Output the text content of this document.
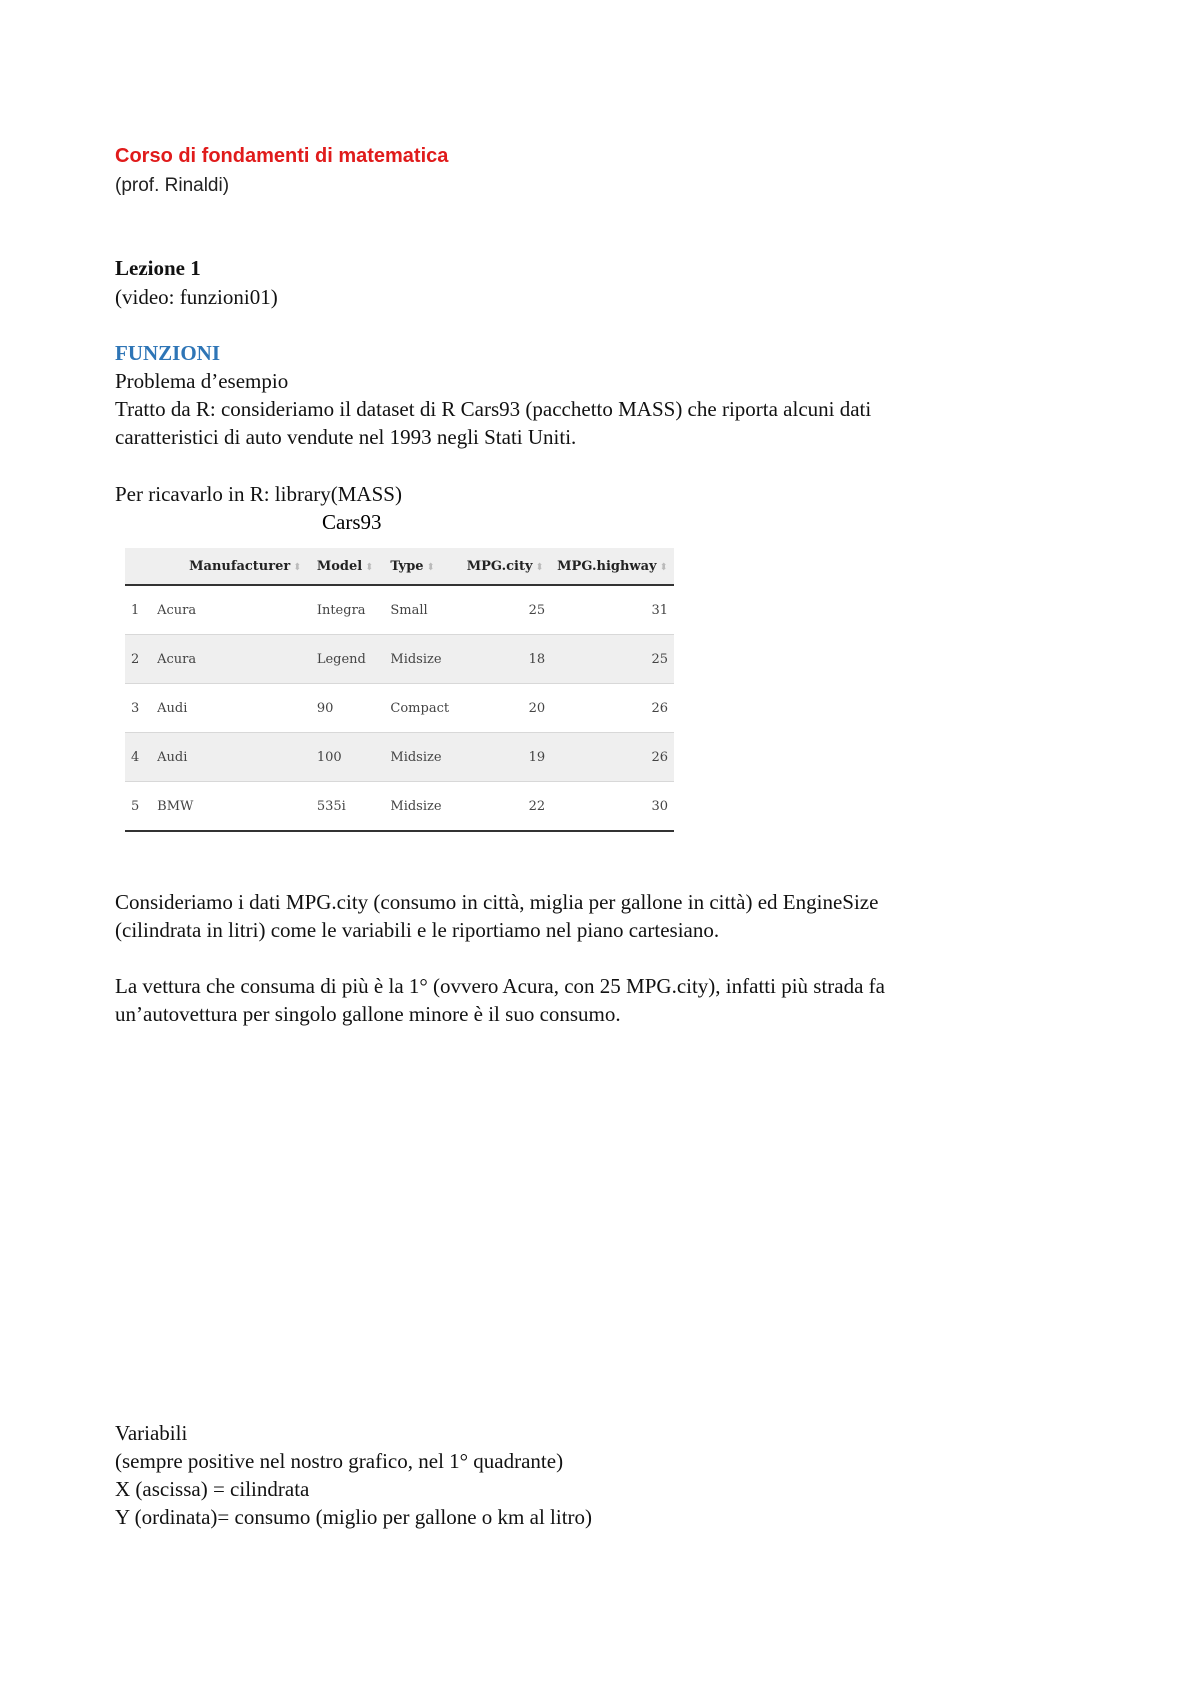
Corso di fondamenti di matematica
(prof. Rinaldi)
Lezione 1
(video: funzioni01)
FUNZIONI
Problema d’esempio
Tratto da R: consideriamo il dataset di R Cars93 (pacchetto MASS) che riporta alcuni dati
caratteristici di auto vendute nel 1993 negli Stati Uniti.
Per ricavarlo in R: library(MASS)
Cars93
	Manufacturer ⬍	Model ⬍	Type ⬍	MPG.city ⬍	MPG.highway ⬍
1	Acura	Integra	Small	25	31
2	Acura	Legend	Midsize	18	25
3	Audi	90	Compact	20	26
4	Audi	100	Midsize	19	26
5	BMW	535i	Midsize	22	30
Consideriamo i dati MPG.city (consumo in città, miglia per gallone in città) ed EngineSize
(cilindrata in litri) come le variabili e le riportiamo nel piano cartesiano.
La vettura che consuma di più è la 1° (ovvero Acura, con 25 MPG.city), infatti più strada fa
un’autovettura per singolo gallone minore è il suo consumo.
Variabili
(sempre positive nel nostro grafico, nel 1° quadrante)
X (ascissa) = cilindrata
Y (ordinata)= consumo (miglio per gallone o km al litro)
